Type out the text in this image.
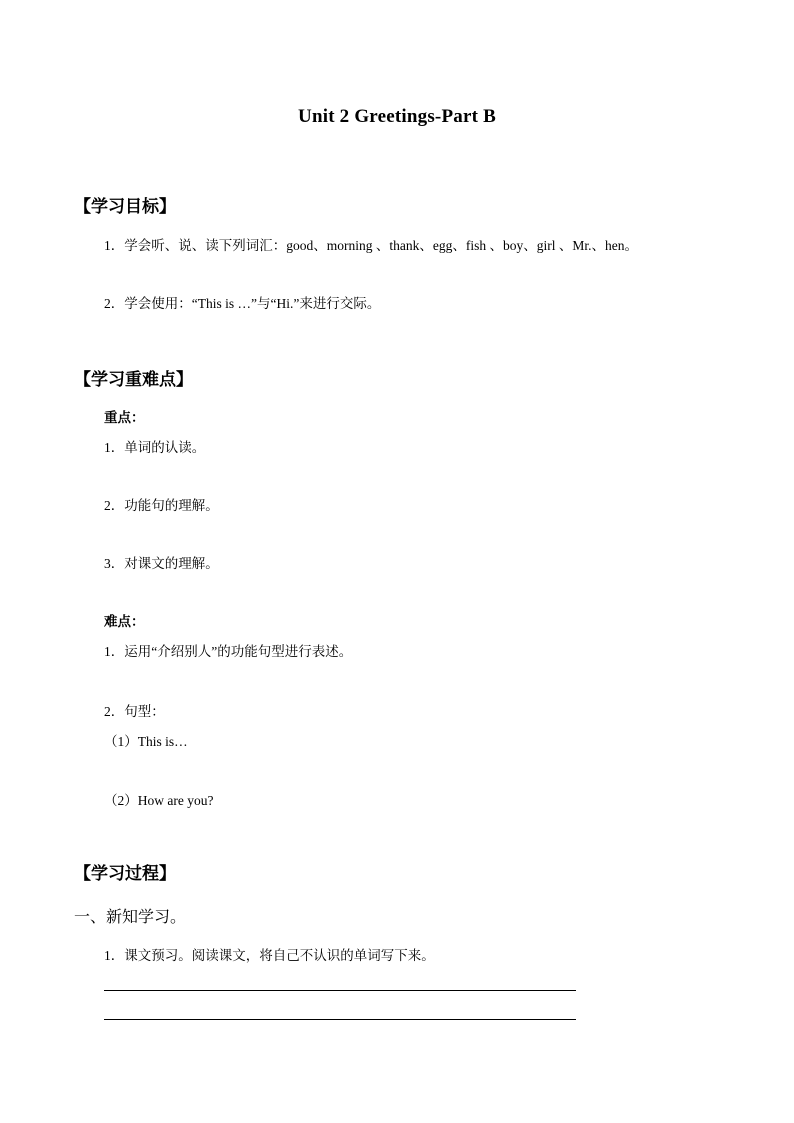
Unit 2 Greetings-Part B
【学习目标】
1．学会听、说、读下列词汇：good、morning 、thank、egg、fish 、boy、girl 、Mr.、hen。
2．学会使用：“This is …”与“Hi.”来进行交际。
【学习重难点】
重点：
1．单词的认读。
2．功能句的理解。
3．对课文的理解。
难点：
1．运用“介绍别人”的功能句型进行表述。
2．句型：
（1）This is…
（2）How are you?
【学习过程】
一、新知学习。
1．课文预习。阅读课文，将自己不认识的单词写下来。
